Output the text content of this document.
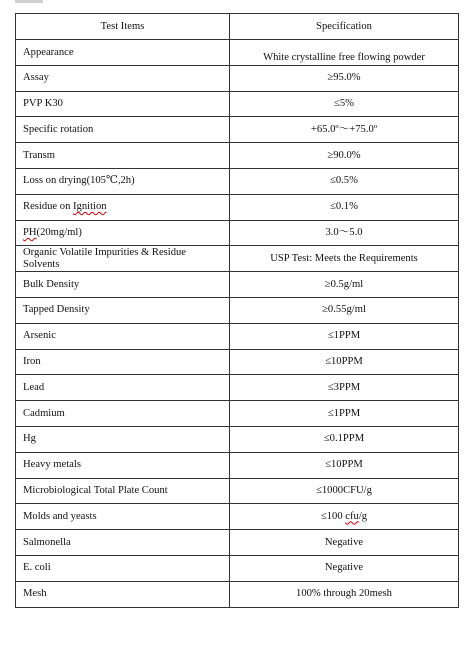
Test Items	Specification
Appearance	White crystalline free flowing powder
Assay	≥95.0%
PVP K30	≤5%
Specific rotation	+65.0º～+75.0º
Transm	≥90.0%
Loss on drying(105℃,2h)	≤0.5%
Residue on Ignition	≤0.1%
PH(20mg/ml)	3.0～5.0
Organic Volatile Impurities & Residue Solvents	USP Test: Meets the Requirements
Bulk Density	≥0.5g/ml
Tapped Density	≥0.55g/ml
Arsenic	≤1PPM
Iron	≤10PPM
Lead	≤3PPM
Cadmium	≤1PPM
Hg	≤0.1PPM
Heavy metals	≤10PPM
Microbiological Total Plate Count	≤1000CFU/g
Molds and yeasts	≤100 cfu/g
Salmonella	Negative
E. coli	Negative
Mesh	100% through 20mesh
